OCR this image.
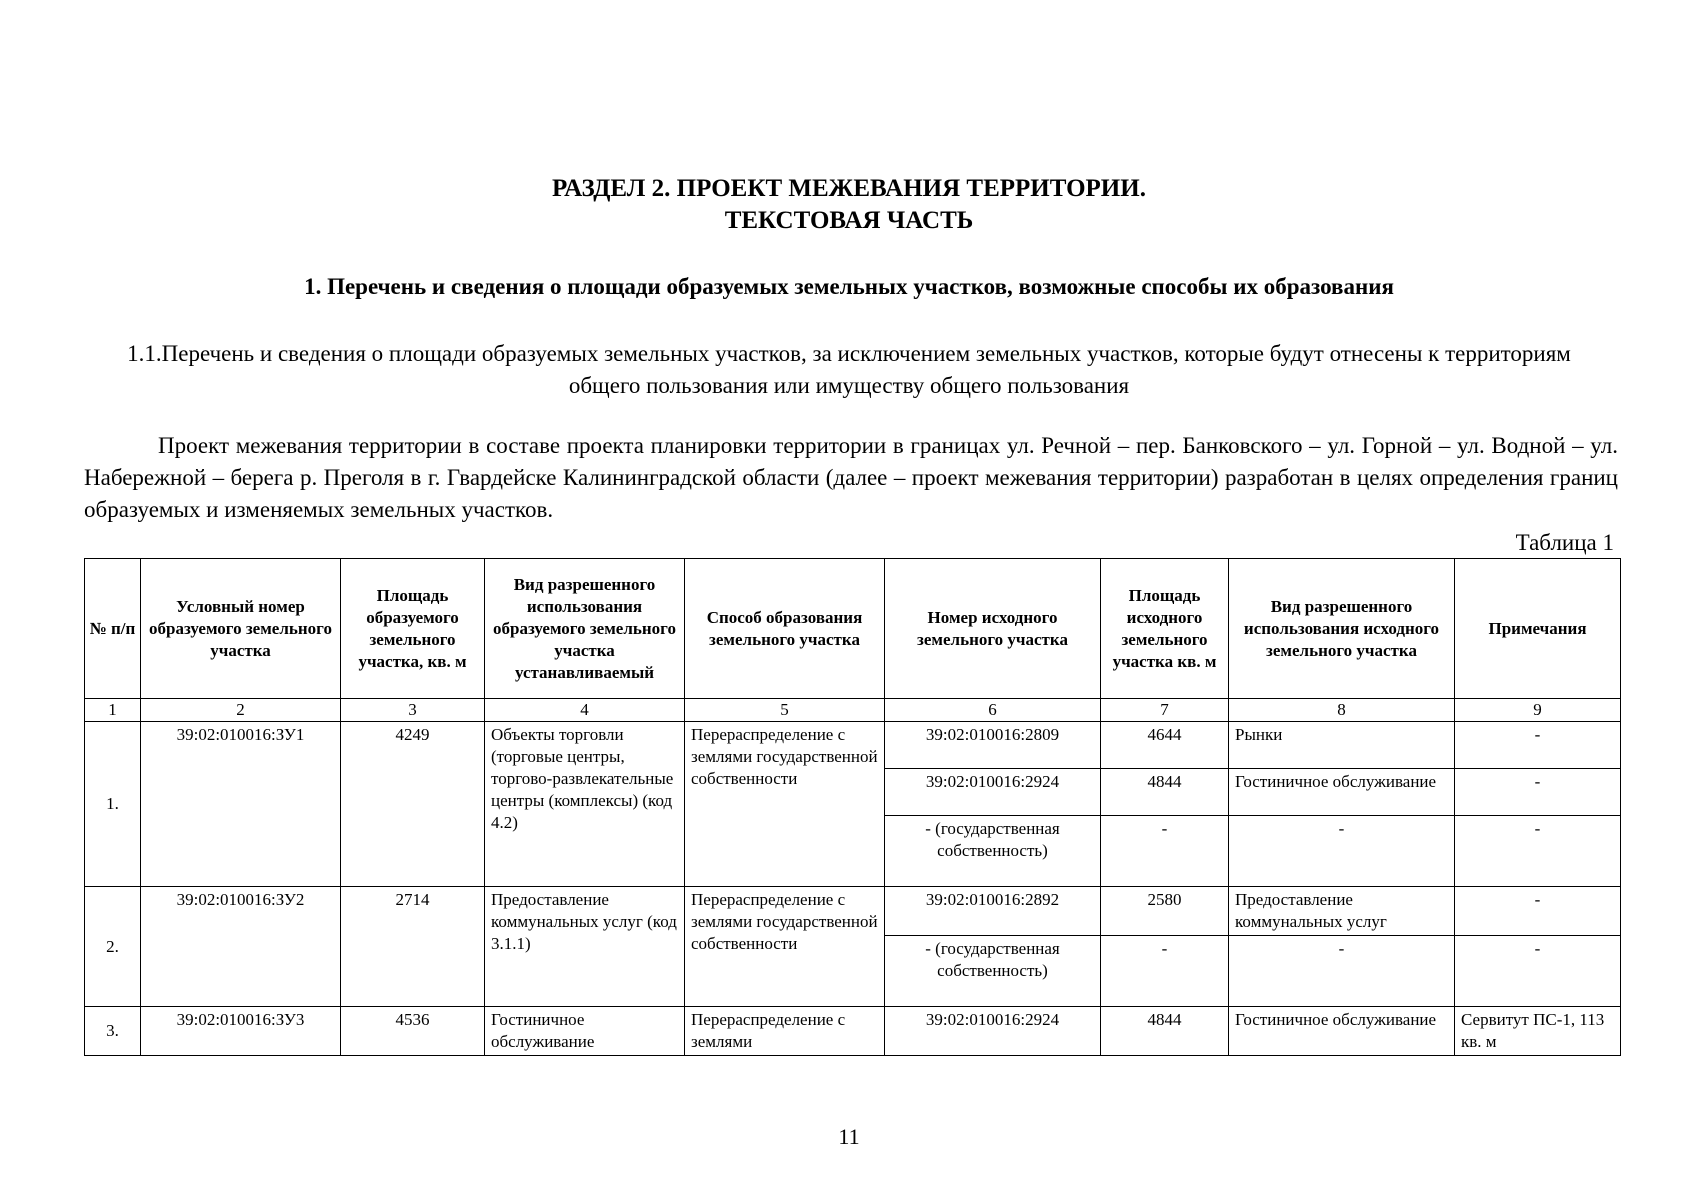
РАЗДЕЛ 2. ПРОЕКТ МЕЖЕВАНИЯ ТЕРРИТОРИИ.
ТЕКСТОВАЯ ЧАСТЬ
1. Перечень и сведения о площади образуемых земельных участков, возможные способы их образования
1.1.Перечень и сведения о площади образуемых земельных участков, за исключением земельных участков, которые будут отнесены к территориям общего пользования или имуществу общего пользования
Проект межевания территории в составе проекта планировки территории в границах ул. Речной – пер. Банковского – ул. Горной – ул. Водной – ул. Набережной – берега р. Преголя в г. Гвардейске Калининградской области (далее – проект межевания территории) разработан в целях определения границ образуемых и изменяемых земельных участков.
Таблица 1
№ п/п	Условный номер образуемого земельного участка	Площадь образуемого земельного участка, кв. м	Вид разрешенного использования образуемого земельного участка устанавливаемый	Способ образования земельного участка	Номер исходного земельного участка	Площадь исходного земельного участка кв. м	Вид разрешенного использования исходного земельного участка	Примечания
1	2	3	4	5	6	7	8	9
1.	39:02:010016:ЗУ1	4249	Объекты торговли (торговые центры, торгово-развлекательные центры (комплексы) (код 4.2)	Перераспределение с землями государственной собственности	39:02:010016:2809	4644	Рынки	-
					39:02:010016:2924	4844	Гостиничное обслуживание	-
					- (государственная собственность)	-	-	-
2.	39:02:010016:ЗУ2	2714	Предоставление коммунальных услуг (код 3.1.1)	Перераспределение с землями государственной собственности	39:02:010016:2892	2580	Предоставление коммунальных услуг	-
					- (государственная собственность)	-	-	-
3.	39:02:010016:ЗУ3	4536	Гостиничное обслуживание	Перераспределение с землями	39:02:010016:2924	4844	Гостиничное обслуживание	Сервитут ПС-1, 113 кв. м
11
